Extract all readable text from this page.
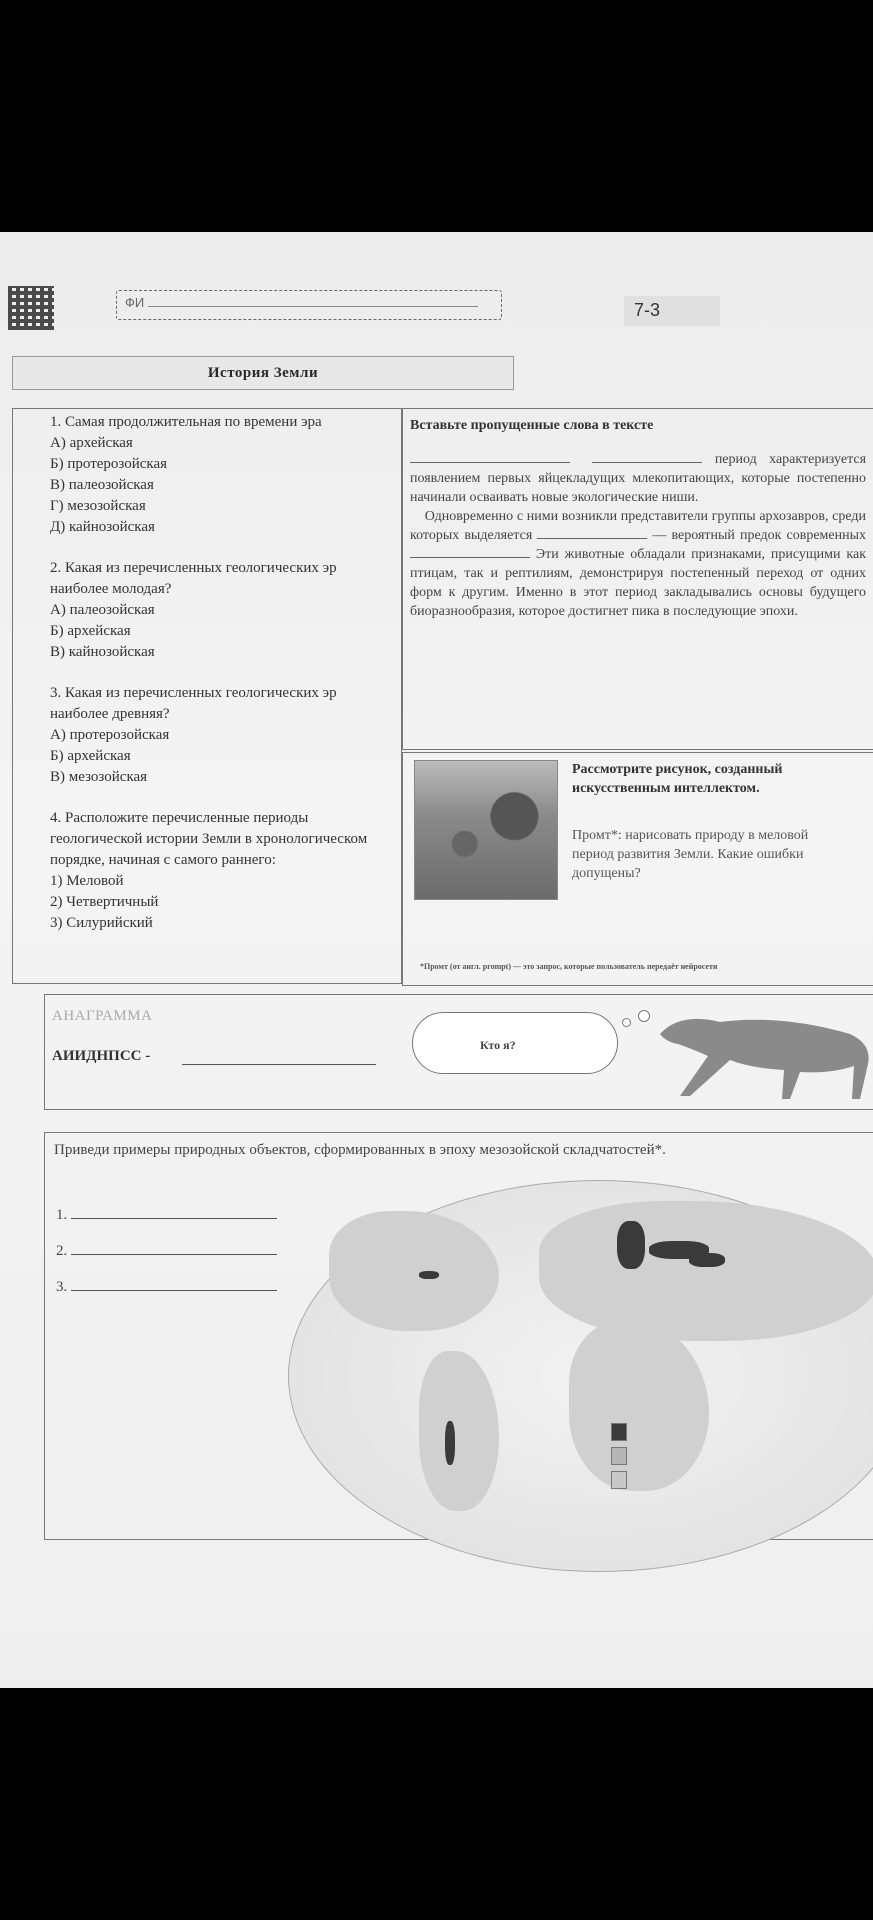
ФИ	7-3
История Земли

1. Самая продолжительная по времени эра

А) архейская

Б) протерозойская

В) палеозойская

Г) мезозойская

Д) кайнозойская

2. Какая из перечисленных геологических эр наиболее молодая?

А) палеозойская

Б) архейская

В) кайнозойская

3. Какая из перечисленных геологических эр наиболее древняя?

А) протерозойская

Б) архейская

В) мезозойская

4. Расположите перечисленные периоды геологической истории Земли в хронологическом порядке, начиная с самого раннего:

1) Меловой

2) Четвертичный

3) Силурийский

Вставьте пропущенные слова в тексте
период характеризуется появлением первых яйцекладущих млекопитающих, которые постепенно начинали осваивать новые экологические ниши.
Одновременно с ними возникли представители группы архозавров, среди которых выделяется	— вероятный предок современных  Эти животные обладали признаками, присущими как птицам, так и рептилиям, демонстрируя постепенный переход от одних форм к другим. Именно в этот период закладывались основы будущего биоразнообразия, которое достигнет пика в последующие эпохи.
Рассмотрите рисунок, созданный искусственным интеллектом.
Промт*: нарисовать природу в меловой период развития Земли. Какие ошибки допущены?
*Промт (от англ. prompt) — это запрос, которые пользователь передаёт нейросети
АНАГРАММА
АИИДНПСС -
Кто я?
Приведи примеры природных объектов, сформированных в эпоху мезозойской складчатостей*.
1.
2.
3.
